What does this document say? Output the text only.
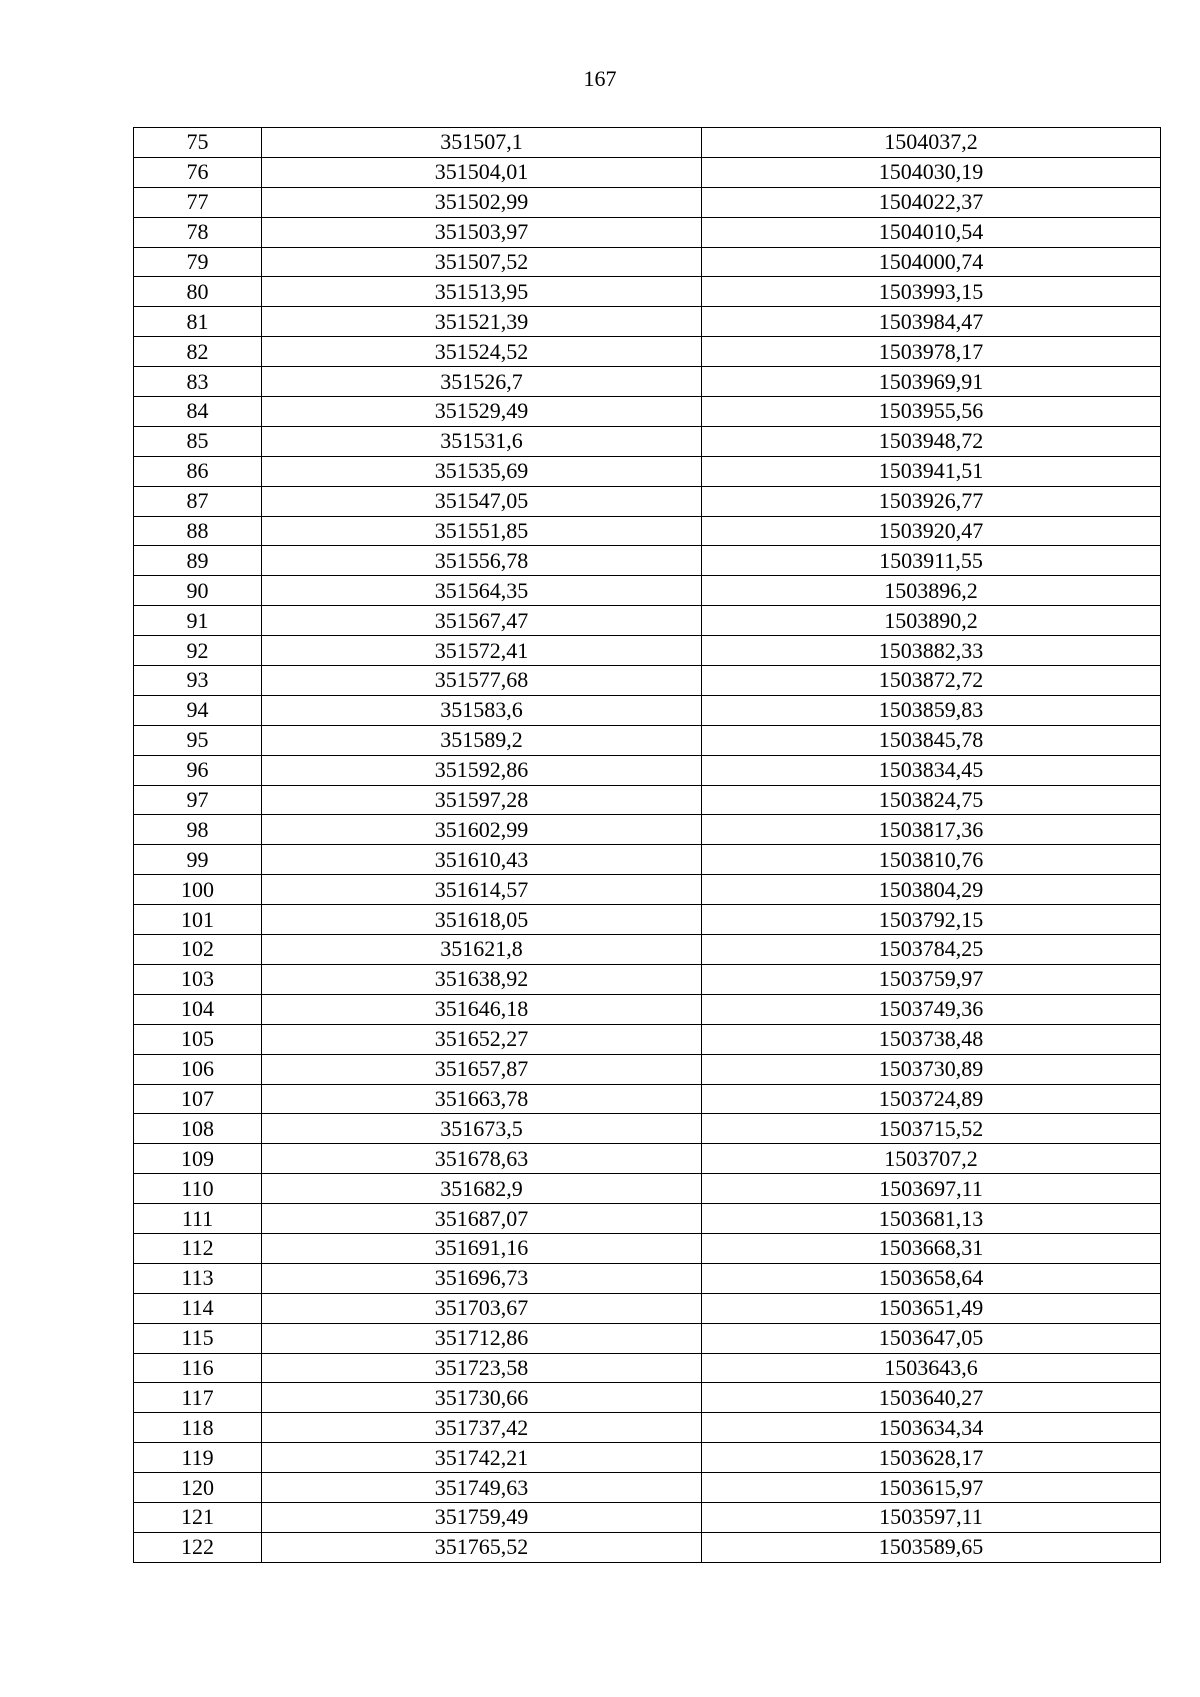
167
75	351507,1	1504037,2
76	351504,01	1504030,19
77	351502,99	1504022,37
78	351503,97	1504010,54
79	351507,52	1504000,74
80	351513,95	1503993,15
81	351521,39	1503984,47
82	351524,52	1503978,17
83	351526,7	1503969,91
84	351529,49	1503955,56
85	351531,6	1503948,72
86	351535,69	1503941,51
87	351547,05	1503926,77
88	351551,85	1503920,47
89	351556,78	1503911,55
90	351564,35	1503896,2
91	351567,47	1503890,2
92	351572,41	1503882,33
93	351577,68	1503872,72
94	351583,6	1503859,83
95	351589,2	1503845,78
96	351592,86	1503834,45
97	351597,28	1503824,75
98	351602,99	1503817,36
99	351610,43	1503810,76
100	351614,57	1503804,29
101	351618,05	1503792,15
102	351621,8	1503784,25
103	351638,92	1503759,97
104	351646,18	1503749,36
105	351652,27	1503738,48
106	351657,87	1503730,89
107	351663,78	1503724,89
108	351673,5	1503715,52
109	351678,63	1503707,2
110	351682,9	1503697,11
111	351687,07	1503681,13
112	351691,16	1503668,31
113	351696,73	1503658,64
114	351703,67	1503651,49
115	351712,86	1503647,05
116	351723,58	1503643,6
117	351730,66	1503640,27
118	351737,42	1503634,34
119	351742,21	1503628,17
120	351749,63	1503615,97
121	351759,49	1503597,11
122	351765,52	1503589,65
